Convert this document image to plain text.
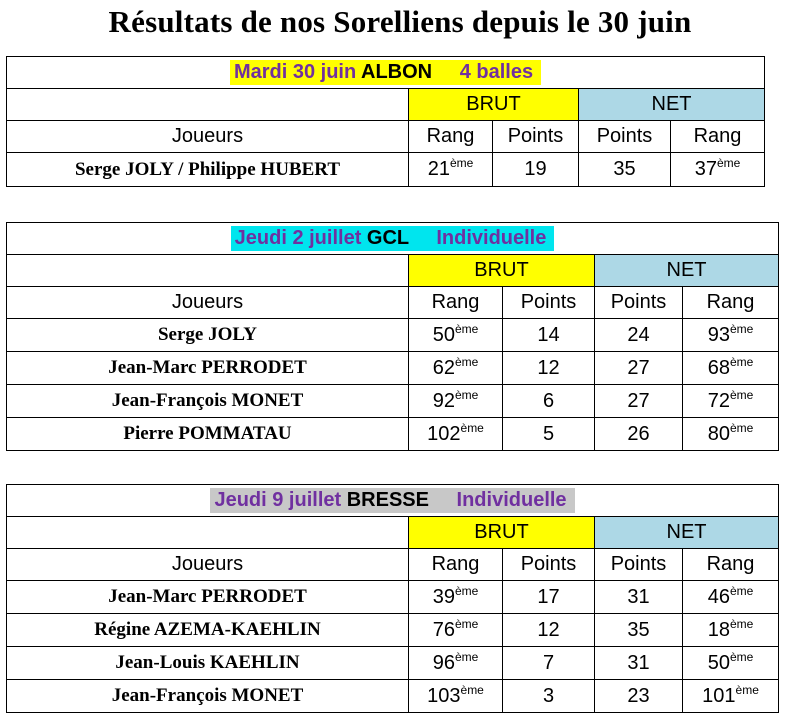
Résultats de nos Sorelliens depuis le 30 juin
Mardi 30 juin ALBON 4 balles				
	BRUT		NET	
Joueurs	Rang	Points	Points	Rang
Serge JOLY / Philippe HUBERT	21ème	19	35	37ème
Jeudi 2 juillet GCL Individuelle				
	BRUT		NET	
Joueurs	Rang	Points	Points	Rang
Serge JOLY	50ème	14	24	93ème
Jean-Marc PERRODET	62ème	12	27	68ème
Jean-François MONET	92ème	6	27	72ème
Pierre POMMATAU	102ème	5	26	80ème
Jeudi 9 juillet BRESSE Individuelle				
	BRUT		NET	
Joueurs	Rang	Points	Points	Rang
Jean-Marc PERRODET	39ème	17	31	46ème
Régine AZEMA-KAEHLIN	76ème	12	35	18ème
Jean-Louis KAEHLIN	96ème	7	31	50ème
Jean-François MONET	103ème	3	23	101ème
